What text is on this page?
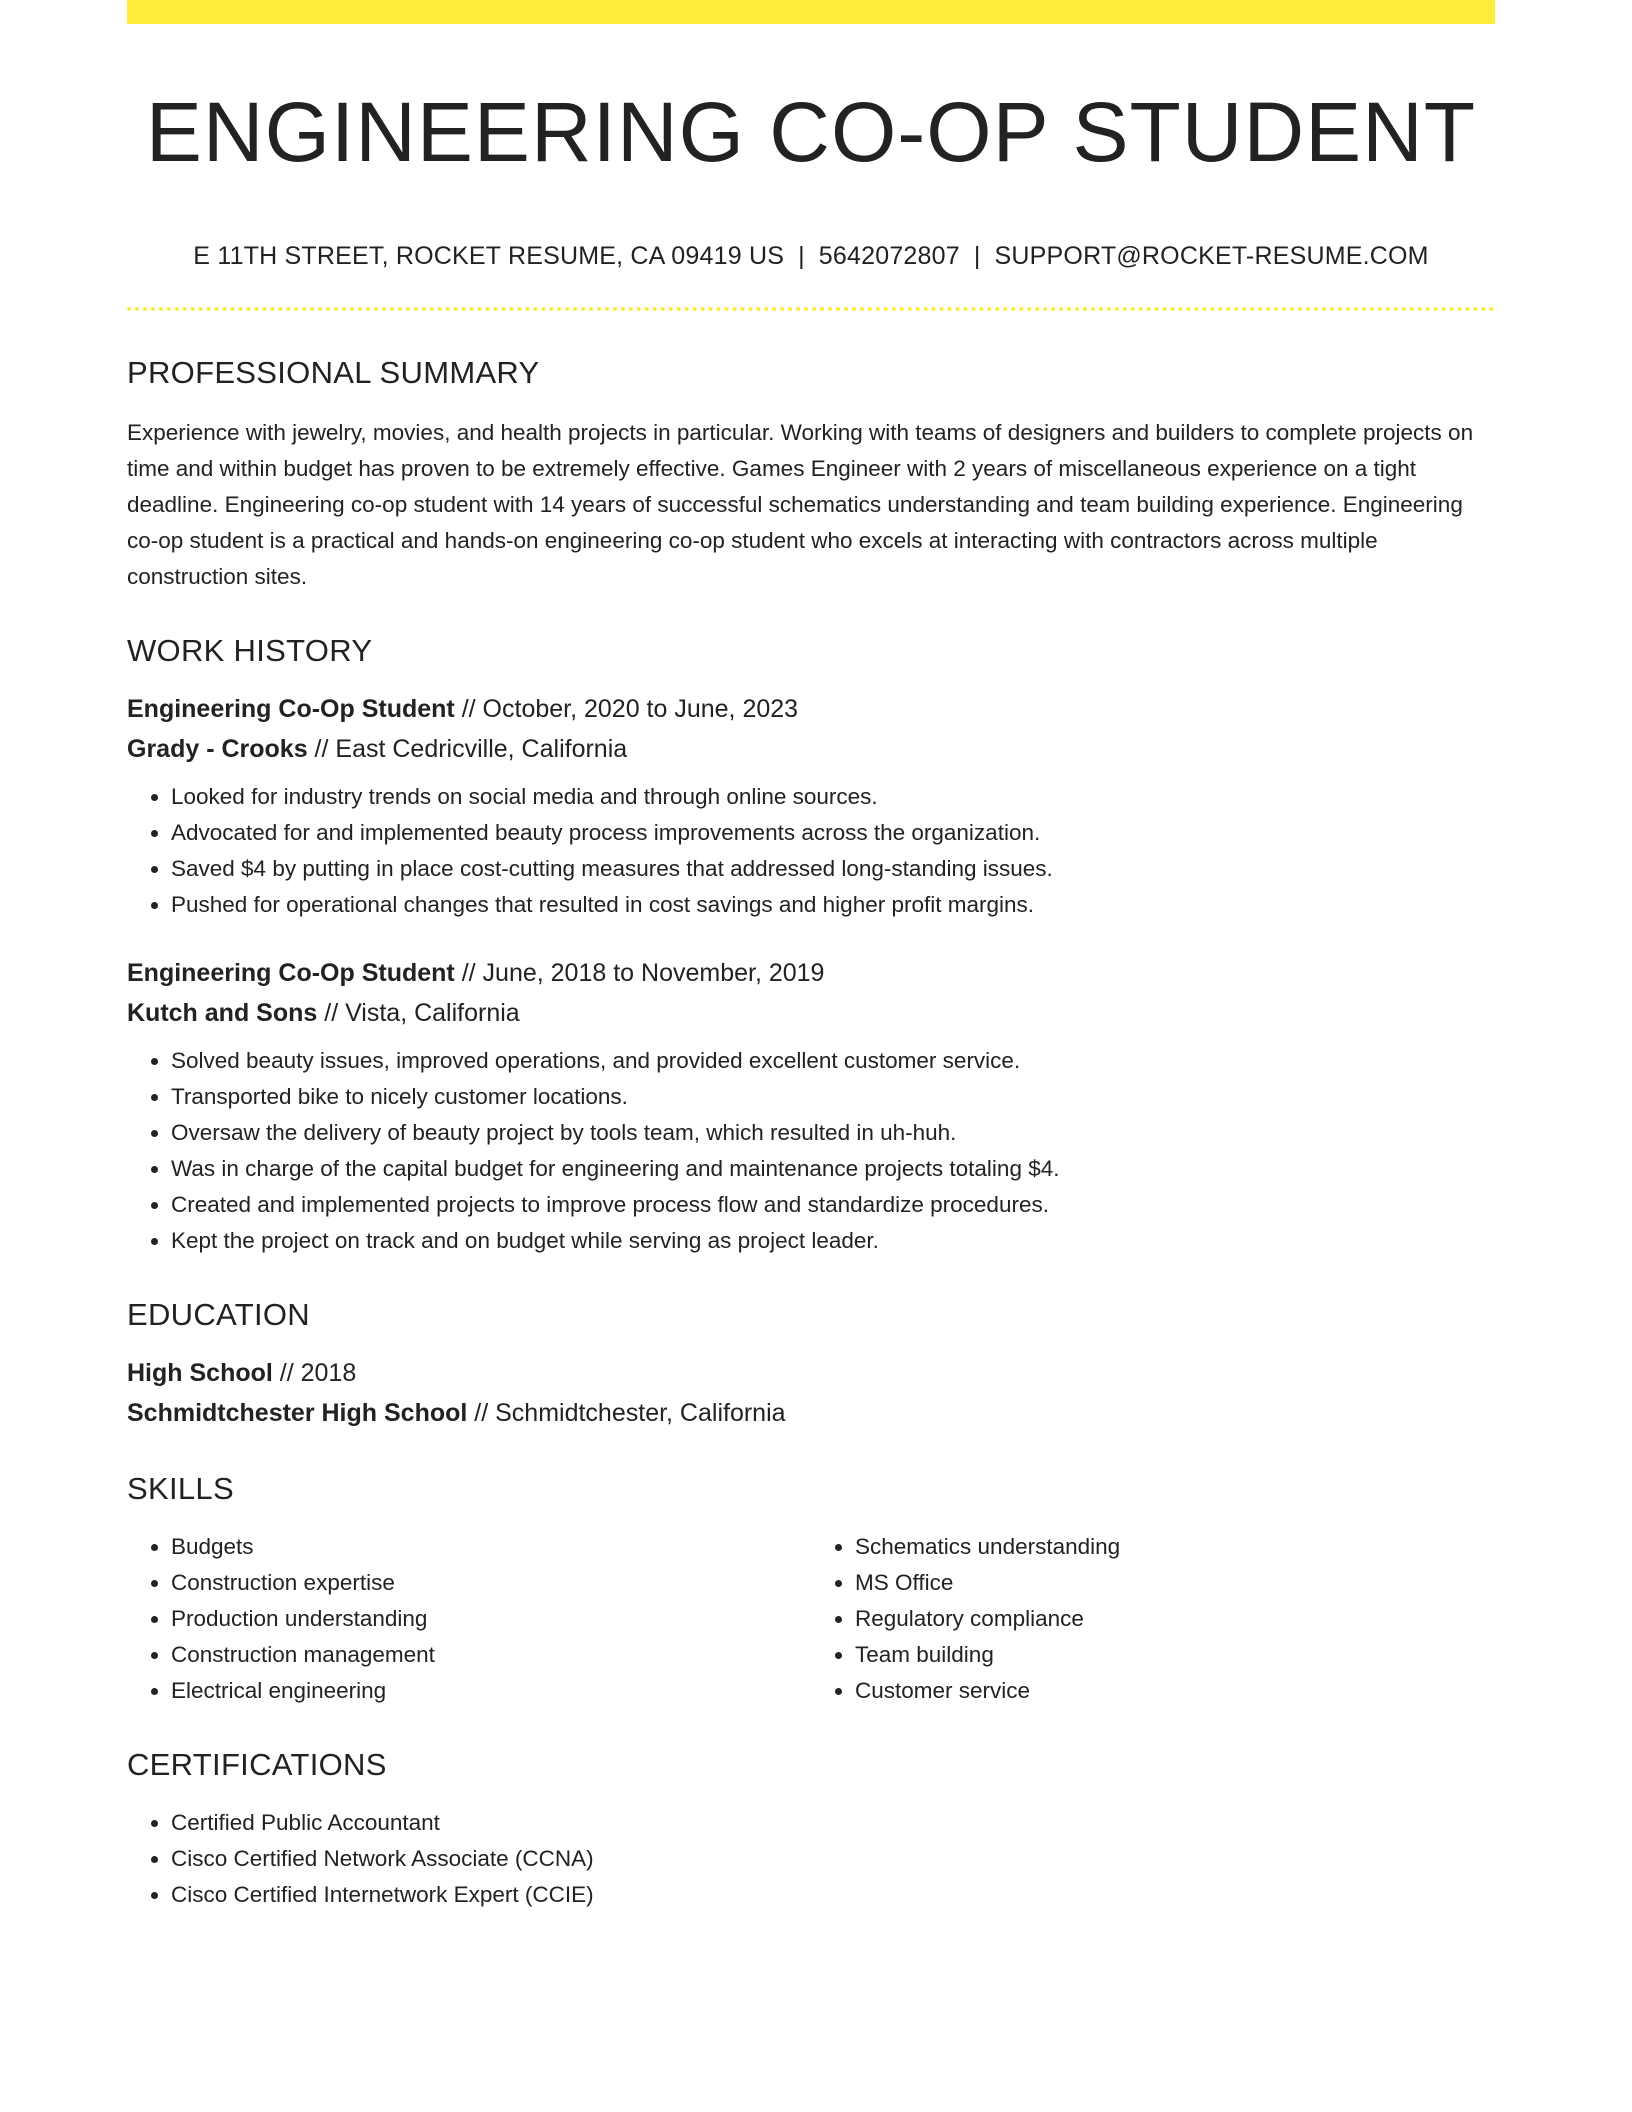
ENGINEERING CO-OP STUDENT
E 11TH STREET, ROCKET RESUME, CA 09419 US | 5642072807 | SUPPORT@ROCKET-RESUME.COM
PROFESSIONAL SUMMARY
Experience with jewelry, movies, and health projects in particular. Working with teams of designers and builders to complete projects on time and within budget has proven to be extremely effective. Games Engineer with 2 years of miscellaneous experience on a tight deadline. Engineering co-op student with 14 years of successful schematics understanding and team building experience. Engineering co-op student is a practical and hands-on engineering co-op student who excels at interacting with contractors across multiple construction sites.
WORK HISTORY
Engineering Co-Op Student // October, 2020 to June, 2023
Grady - Crooks // East Cedricville, California
• Looked for industry trends on social media and through online sources.
• Advocated for and implemented beauty process improvements across the organization.
• Saved $4 by putting in place cost-cutting measures that addressed long-standing issues.
• Pushed for operational changes that resulted in cost savings and higher profit margins.
Engineering Co-Op Student // June, 2018 to November, 2019
Kutch and Sons // Vista, California
• Solved beauty issues, improved operations, and provided excellent customer service.
• Transported bike to nicely customer locations.
• Oversaw the delivery of beauty project by tools team, which resulted in uh-huh.
• Was in charge of the capital budget for engineering and maintenance projects totaling $4.
• Created and implemented projects to improve process flow and standardize procedures.
• Kept the project on track and on budget while serving as project leader.
EDUCATION
High School // 2018
Schmidtchester High School // Schmidtchester, California
SKILLS
• Budgets
• Construction expertise
• Production understanding
• Construction management
• Electrical engineering
• Schematics understanding
• MS Office
• Regulatory compliance
• Team building
• Customer service
CERTIFICATIONS
• Certified Public Accountant
• Cisco Certified Network Associate (CCNA)
• Cisco Certified Internetwork Expert (CCIE)
